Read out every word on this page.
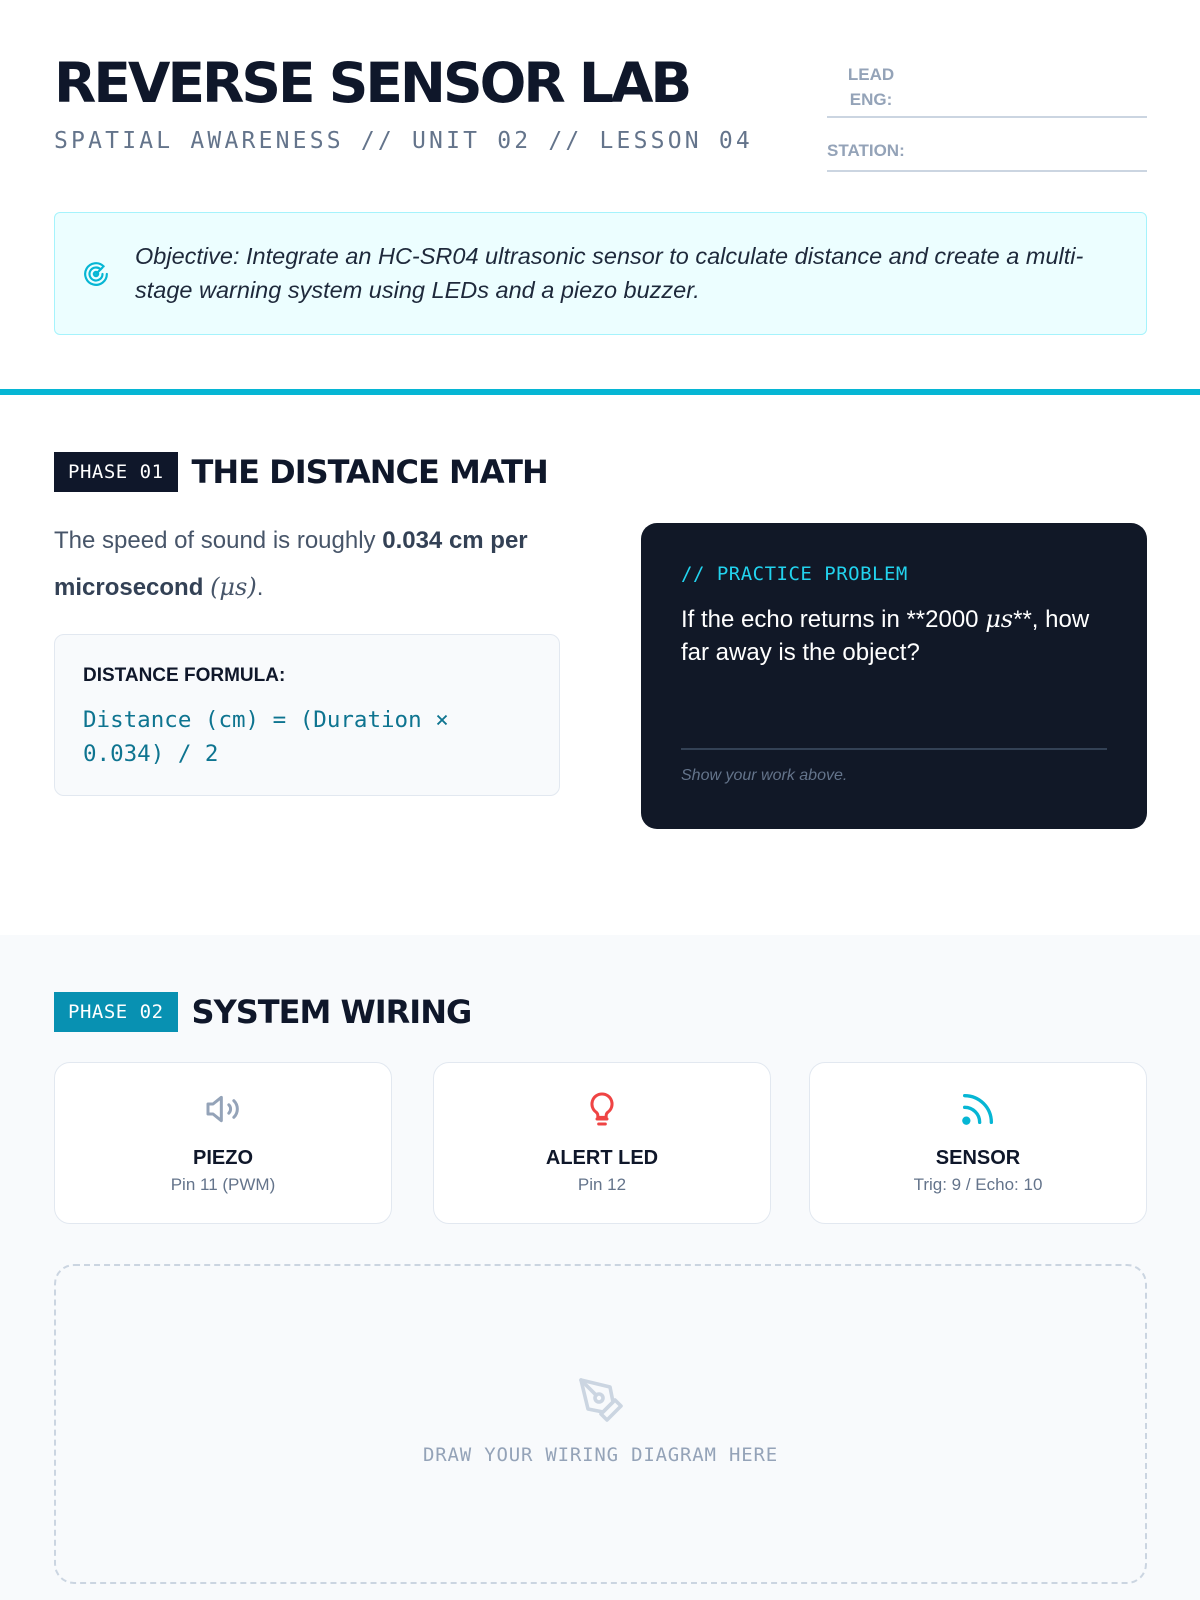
REVERSE SENSOR LAB
SPATIAL AWARENESS // UNIT 02 // LESSON 04
LEAD ENG:
STATION:
Objective: Integrate an HC-SR04 ultrasonic sensor to calculate distance and create a multi-stage warning system using LEDs and a piezo buzzer.
PHASE 01 THE DISTANCE MATH
The speed of sound is roughly 0.034 cm per microsecond (μs).
DISTANCE FORMULA:
Distance (cm) = (Duration × 0.034) / 2
// PRACTICE PROBLEM
If the echo returns in **2000 μs**, how far away is the object?
Show your work above.
PHASE 02 SYSTEM WIRING
PIEZO
Pin 11 (PWM)
ALERT LED
Pin 12
SENSOR
Trig: 9 / Echo: 10
DRAW YOUR WIRING DIAGRAM HERE
